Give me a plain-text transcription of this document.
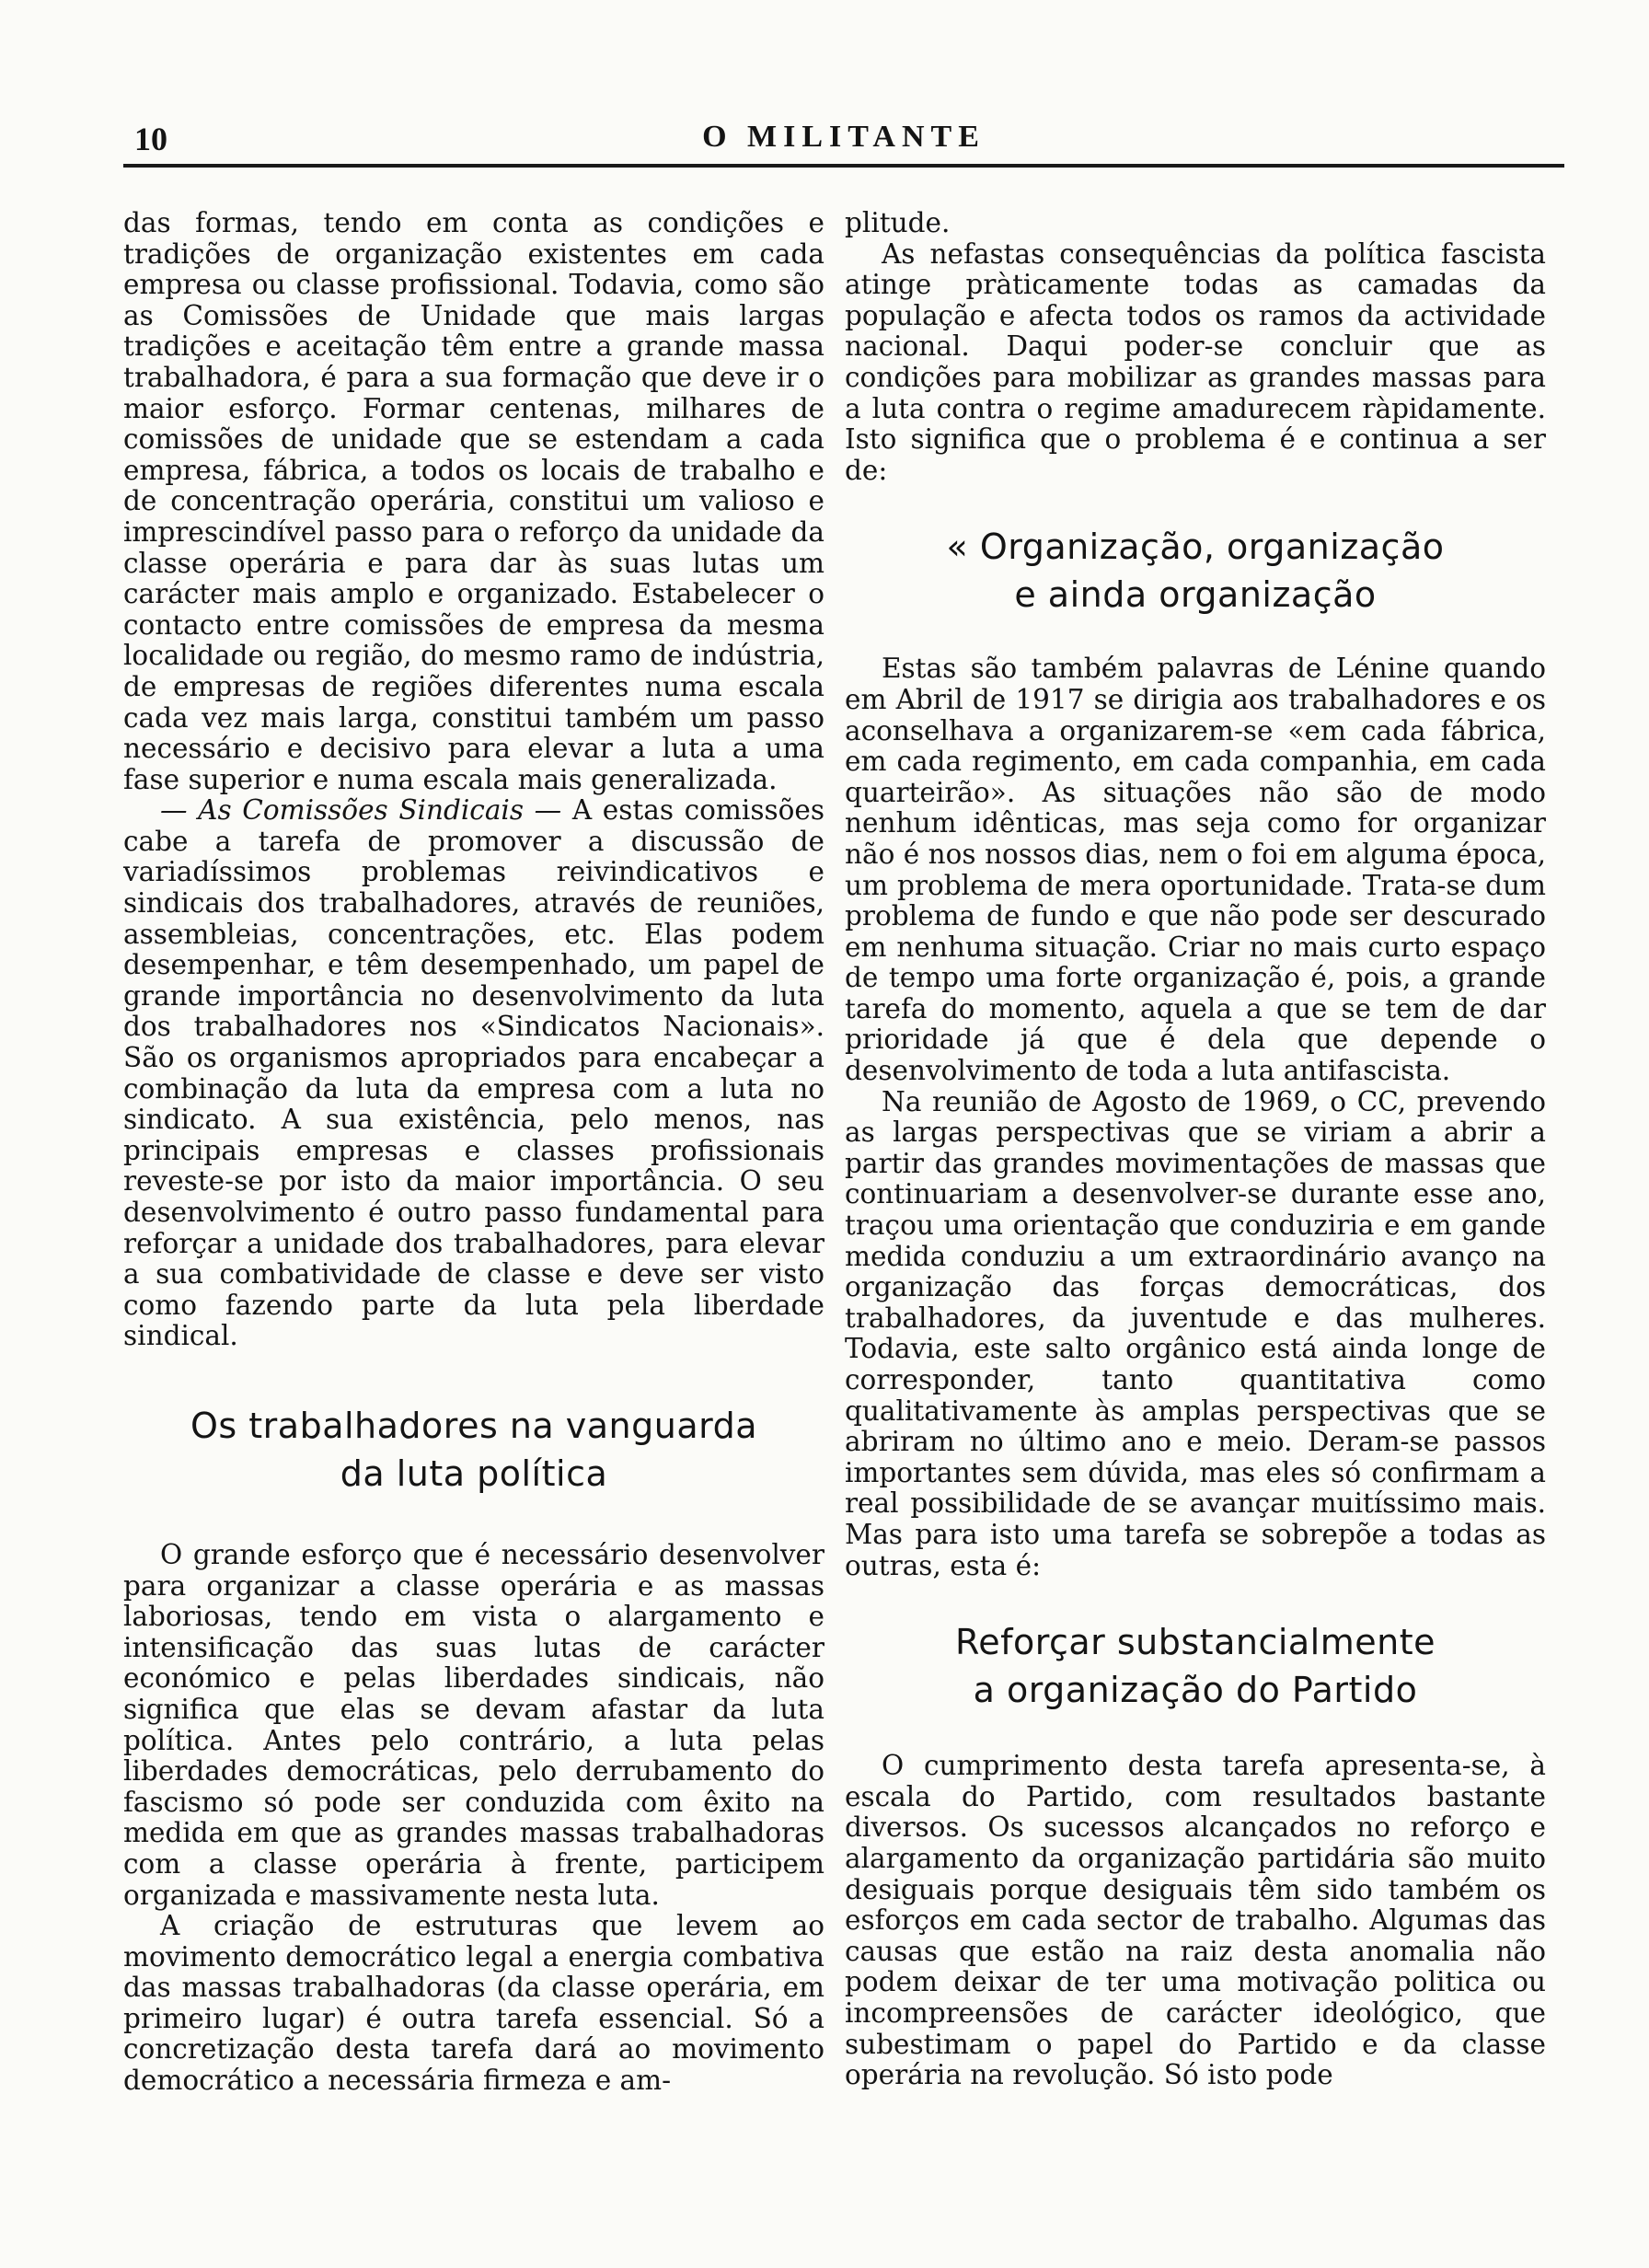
10	O MILITANTE

das formas, tendo em conta as condições e tradições de organização existentes em cada empresa ou classe profissional. Todavia, como são as Comissões de Unidade que mais largas tradições e aceitação têm entre a grande massa trabalhadora, é para a sua formação que deve ir o maior esforço. Formar centenas, milhares de comissões de unidade que se estendam a cada empresa, fábrica, a todos os locais de trabalho e de concentração operária, constitui um valioso e imprescindível passo para o reforço da unidade da classe operária e para dar às suas lutas um carácter mais amplo e organizado. Estabelecer o contacto entre comissões de empresa da mesma localidade ou região, do mesmo ramo de indústria, de empresas de regiões diferentes numa escala cada vez mais larga, constitui também um passo necessário e decisivo para elevar a luta a uma fase superior e numa escala mais generalizada.

— As Comissões Sindicais — A estas comissões cabe a tarefa de promover a discussão de variadíssimos problemas reivindicativos e sindicais dos trabalhadores, através de reuniões, assembleias, concentrações, etc. Elas podem desempenhar, e têm desempenhado, um papel de grande importância no desenvolvimento da luta dos trabalhadores nos «Sindicatos Nacionais». São os organismos apropriados para encabeçar a combinação da luta da empresa com a luta no sindicato. A sua existência, pelo menos, nas principais empresas e classes profissionais reveste-se por isto da maior importância. O seu desenvolvimento é outro passo fundamental para reforçar a unidade dos trabalhadores, para elevar a sua combatividade de classe e deve ser visto como fazendo parte da luta pela liberdade sindical.

Os trabalhadores na vanguarda
da luta política

O grande esforço que é necessário desenvolver para organizar a classe operária e as massas laboriosas, tendo em vista o alargamento e intensificação das suas lutas de carácter económico e pelas liberdades sindicais, não significa que elas se devam afastar da luta política. Antes pelo contrário, a luta pelas liberdades democráticas, pelo derrubamento do fascismo só pode ser conduzida com êxito na medida em que as grandes massas trabalhadoras com a classe operária à frente, participem organizada e massivamente nesta luta.

A criação de estruturas que levem ao movimento democrático legal a energia combativa das massas trabalhadoras (da classe operária, em primeiro lugar) é outra tarefa essencial. Só a concretização desta tarefa dará ao movimento democrático a necessária firmeza e am-

plitude.

As nefastas consequências da política fascista atinge pràticamente todas as camadas da população e afecta todos os ramos da actividade nacional. Daqui poder-se concluir que as condições para mobilizar as grandes massas para a luta contra o regime amadurecem ràpidamente. Isto significa que o problema é e continua a ser de:

« Organização, organização
e ainda organização

Estas são também palavras de Lénine quando em Abril de 1917 se dirigia aos trabalhadores e os aconselhava a organizarem-se «em cada fábrica, em cada regimento, em cada companhia, em cada quarteirão». As situações não são de modo nenhum idênticas, mas seja como for organizar não é nos nossos dias, nem o foi em alguma época, um problema de mera oportunidade. Trata-se dum problema de fundo e que não pode ser descurado em nenhuma situação. Criar no mais curto espaço de tempo uma forte organização é, pois, a grande tarefa do momento, aquela a que se tem de dar prioridade já que é dela que depende o desenvolvimento de toda a luta antifascista.

Na reunião de Agosto de 1969, o CC, prevendo as largas perspectivas que se viriam a abrir a partir das grandes movimentações de massas que continuariam a desenvolver-se durante esse ano, traçou uma orientação que conduziria e em gande medida conduziu a um extraordinário avanço na organização das forças democráticas, dos trabalhadores, da juventude e das mulheres. Todavia, este salto orgânico está ainda longe de corresponder, tanto quantitativa como qualitativamente às amplas perspectivas que se abriram no último ano e meio. Deram-se passos importantes sem dúvida, mas eles só confirmam a real possibilidade de se avançar muitíssimo mais. Mas para isto uma tarefa se sobrepõe a todas as outras, esta é:

Reforçar substancialmente
a organização do Partido

O cumprimento desta tarefa apresenta-se, à escala do Partido, com resultados bastante diversos. Os sucessos alcançados no reforço e alargamento da organização partidária são muito desiguais porque desiguais têm sido também os esforços em cada sector de trabalho. Algumas das causas que estão na raiz desta anomalia não podem deixar de ter uma motivação politica ou incompreensões de carácter ideológico, que subestimam o papel do Partido e da classe operária na revolução. Só isto pode
